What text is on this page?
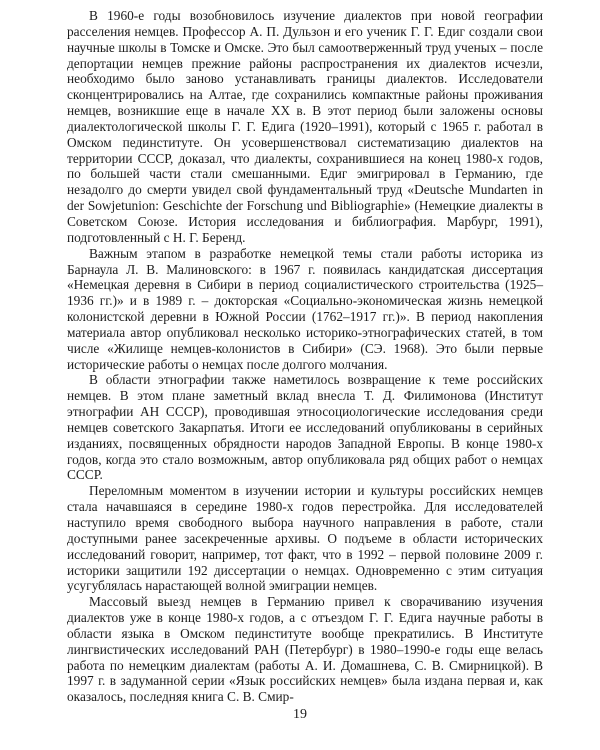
В 1960-е годы возобновилось изучение диалектов при новой географии расселения немцев. Профессор А. П. Дульзон и его ученик Г. Г. Едиг создали свои научные школы в Томске и Омске. Это был самоотверженный труд ученых – после депортации немцев прежние районы распространения их диалектов исчезли, необходимо было заново устанавливать границы диалектов. Исследователи сконцентрировались на Алтае, где сохранились компактные районы проживания немцев, возникшие еще в начале XX в. В этот период были заложены основы диалектологической школы Г. Г. Едига (1920–1991), который с 1965 г. работал в Омском пединституте. Он усовершенствовал систематизацию диалектов на территории СССР, доказал, что диалекты, сохранившиеся на конец 1980-х годов, по большей части стали смешанными. Едиг эмигрировал в Германию, где незадолго до смерти увидел свой фундаментальный труд «Deutsche Mundarten in der Sowjetunion: Geschichte der Forschung und Bibliographie» (Немецкие диалекты в Советском Союзе. История исследования и библиография. Марбург, 1991), подготовленный с Н. Г. Беренд.

Важным этапом в разработке немецкой темы стали работы историка из Барнаула Л. В. Малиновского: в 1967 г. появилась кандидатская диссертация «Немецкая деревня в Сибири в период социалистического строительства (1925–1936 гг.)» и в 1989 г. – докторская «Социально-экономическая жизнь немецкой колонистской деревни в Южной России (1762–1917 гг.)». В период накопления материала автор опубликовал несколько историко-этнографических статей, в том числе «Жилище немцев-колонистов в Сибири» (СЭ. 1968). Это были первые исторические работы о немцах после долгого молчания.

В области этнографии также наметилось возвращение к теме российских немцев. В этом плане заметный вклад внесла Т. Д. Филимонова (Институт этнографии АН СССР), проводившая этносоциологические исследования среди немцев советского Закарпатья. Итоги ее исследований опубликованы в серийных изданиях, посвященных обрядности народов Западной Европы. В конце 1980-х годов, когда это стало возможным, автор опубликовала ряд общих работ о немцах СССР.

Переломным моментом в изучении истории и культуры российских немцев стала начавшаяся в середине 1980-х годов перестройка. Для исследователей наступило время свободного выбора научного направления в работе, стали доступными ранее засекреченные архивы. О подъеме в области исторических исследований говорит, например, тот факт, что в 1992 – первой половине 2009 г. историки защитили 192 диссертации о немцах. Одновременно с этим ситуация усугублялась нарастающей волной эмиграции немцев.

Массовый выезд немцев в Германию привел к сворачиванию изучения диалектов уже в конце 1980-х годов, а с отъездом Г. Г. Едига научные работы в области языка в Омском пединституте вообще прекратились. В Институте лингвистических исследований РАН (Петербург) в 1980–1990-е годы еще велась работа по немецким диалектам (работы А. И. Домашнева, С. В. Смирницкой). В 1997 г. в задуманной серии «Язык российских немцев» была издана первая и, как оказалось, последняя книга С. В. Смир-

19
